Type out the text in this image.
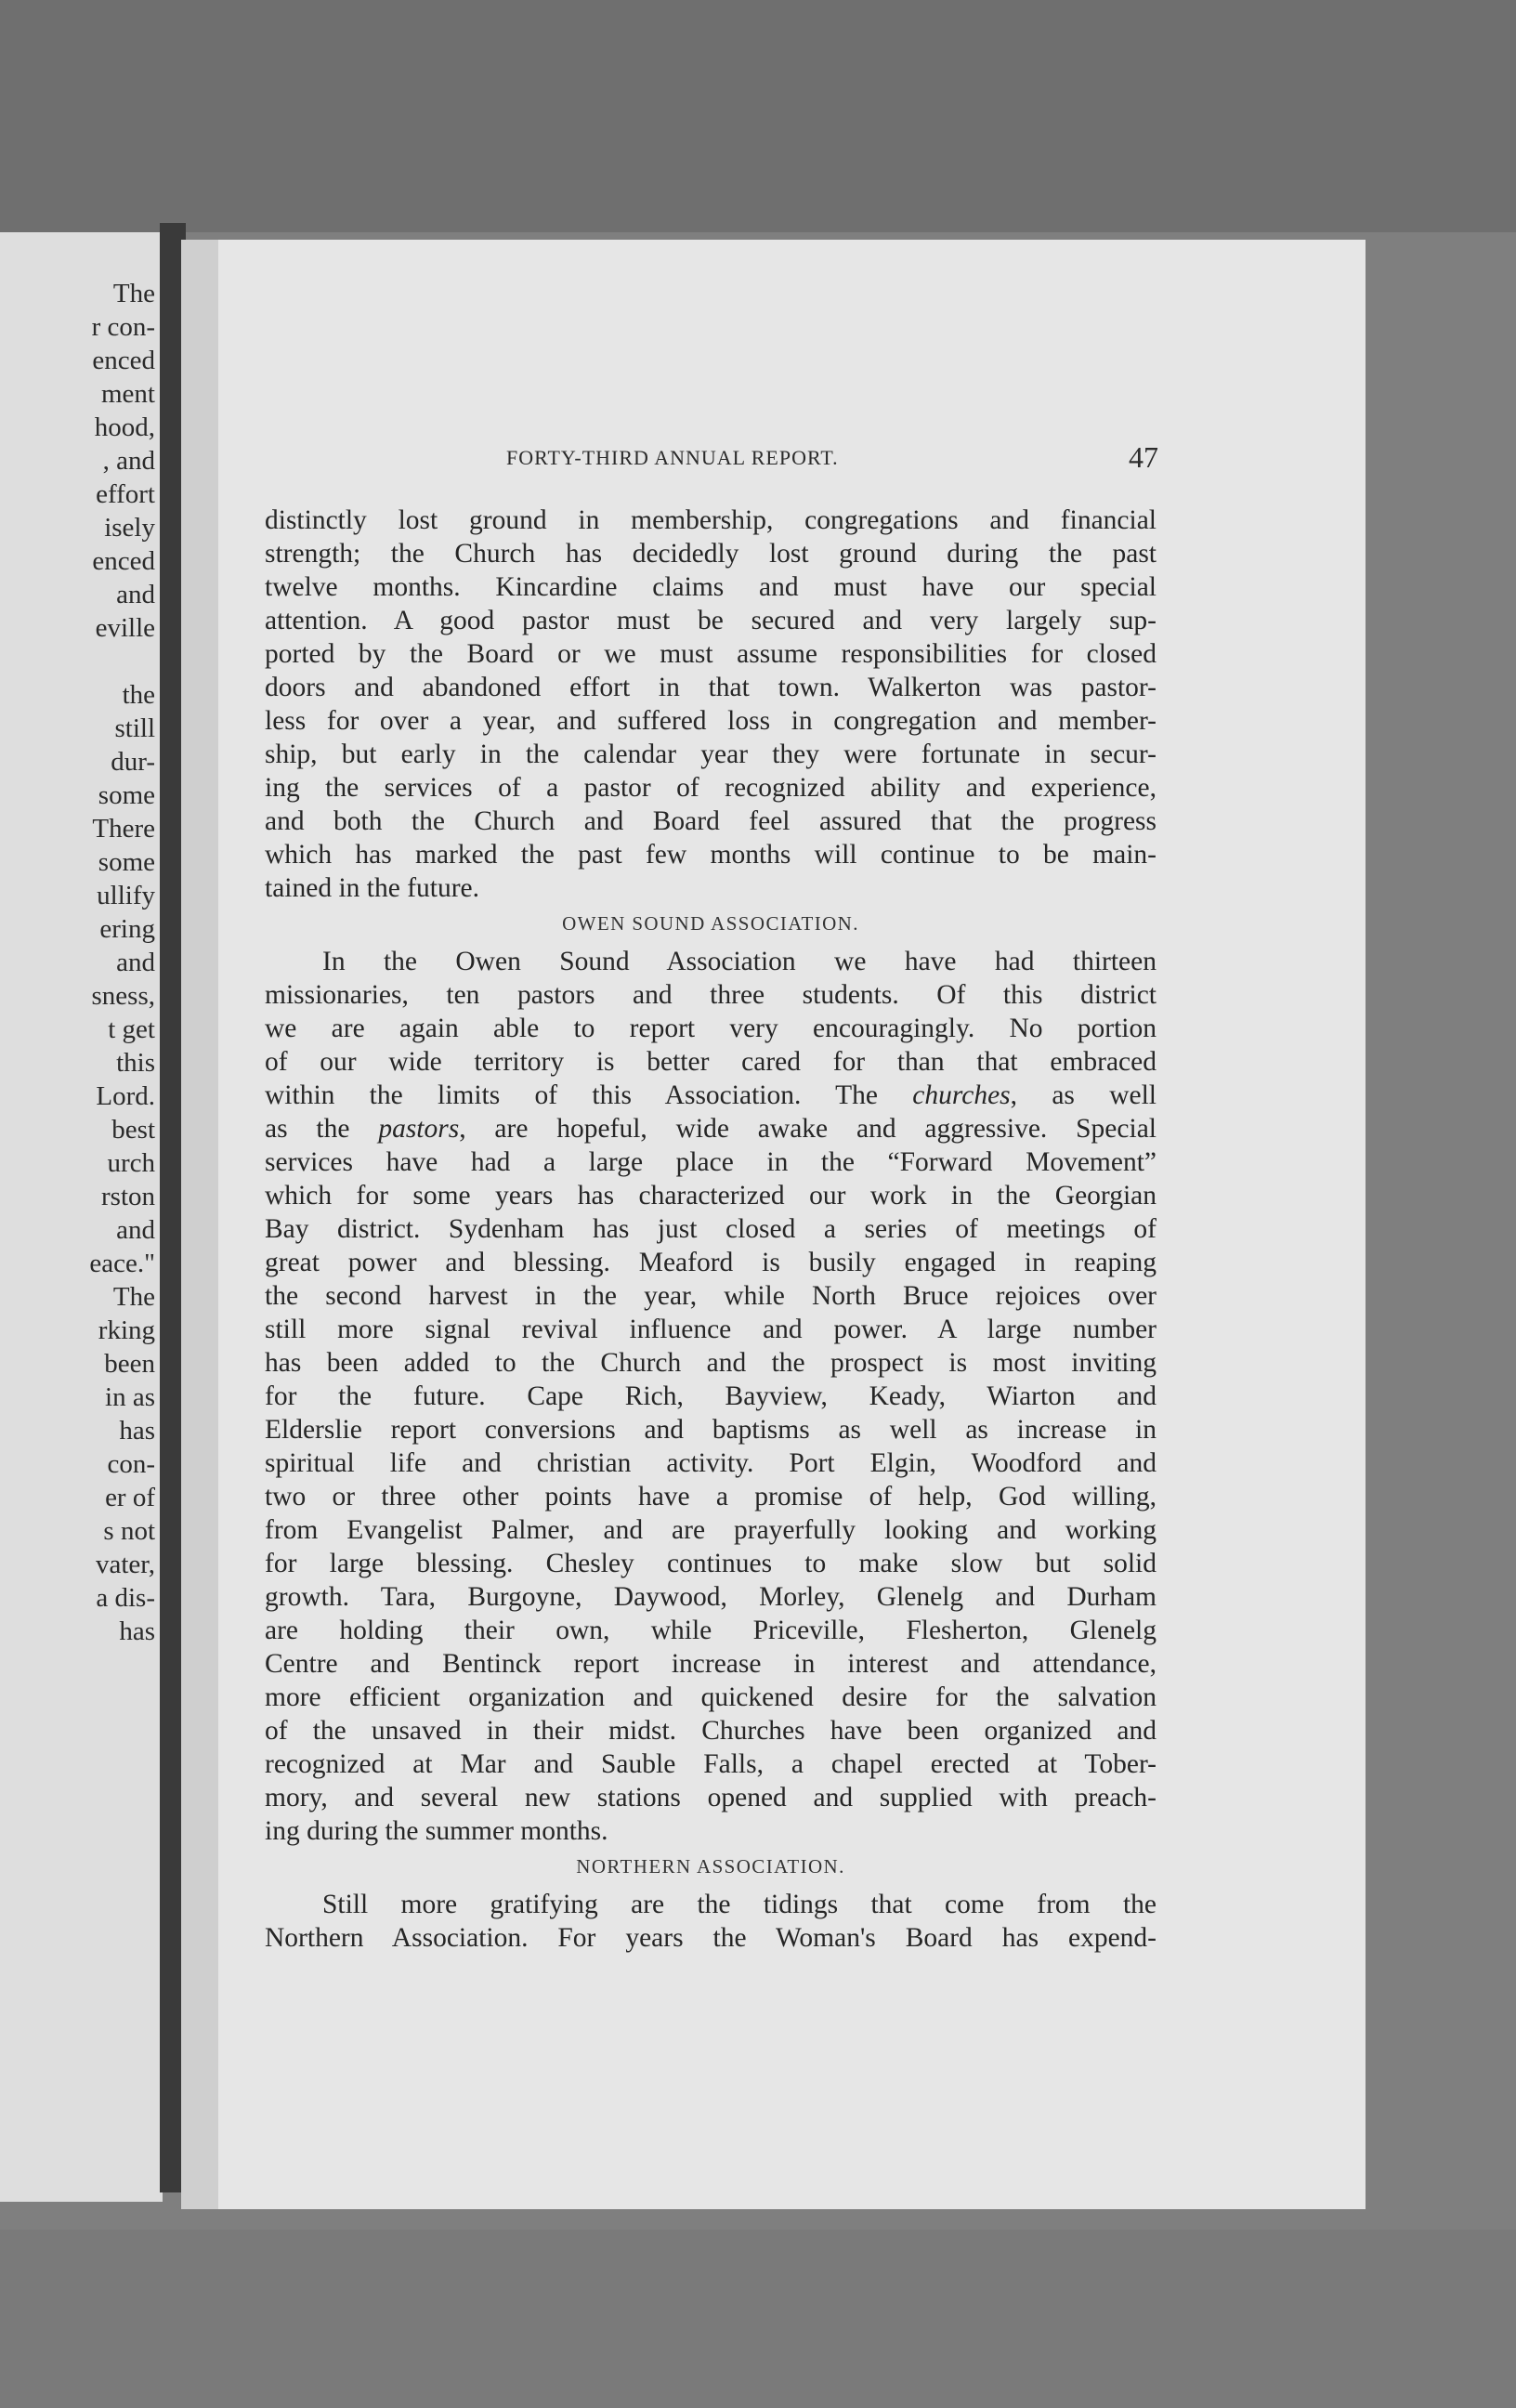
The
r con-
enced
ment
hood,
, and
effort
isely
enced
and
eville
the
still
dur-
some
There
some
ullify
ering
and
sness,
t get
this
Lord.
best
urch
rston
and
eace."
The
rking
been
in as
has
con-
er of
s not
vater,
a dis-
has
FORTY-THIRD ANNUAL REPORT.	47

distinctly lost ground in membership, congregations and financial
strength; the Church has decidedly lost ground during the past
twelve months. Kincardine claims and must have our special
attention. A good pastor must be secured and very largely sup-
ported by the Board or we must assume responsibilities for closed
doors and abandoned effort in that town. Walkerton was pastor-
less for over a year, and suffered loss in congregation and member-
ship, but early in the calendar year they were fortunate in secur-
ing the services of a pastor of recognized ability and experience,
and both the Church and Board feel assured that the progress
which has marked the past few months will continue to be main-
tained in the future.

OWEN SOUND ASSOCIATION.

In the Owen Sound Association we have had thirteen
missionaries, ten pastors and three students. Of this district
we are again able to report very encouragingly. No portion
of our wide territory is better cared for than that embraced
within the limits of this Association. The churches, as well
as the pastors, are hopeful, wide awake and aggressive. Special
services have had a large place in the “Forward Movement”
which for some years has characterized our work in the Georgian
Bay district. Sydenham has just closed a series of meetings of
great power and blessing. Meaford is busily engaged in reaping
the second harvest in the year, while North Bruce rejoices over
still more signal revival influence and power. A large number
has been added to the Church and the prospect is most inviting
for the future. Cape Rich, Bayview, Keady, Wiarton and
Elderslie report conversions and baptisms as well as increase in
spiritual life and christian activity. Port Elgin, Woodford and
two or three other points have a promise of help, God willing,
from Evangelist Palmer, and are prayerfully looking and working
for large blessing. Chesley continues to make slow but solid
growth. Tara, Burgoyne, Daywood, Morley, Glenelg and Durham
are holding their own, while Priceville, Flesherton, Glenelg
Centre and Bentinck report increase in interest and attendance,
more efficient organization and quickened desire for the salvation
of the unsaved in their midst. Churches have been organized and
recognized at Mar and Sauble Falls, a chapel erected at Tober-
mory, and several new stations opened and supplied with preach-
ing during the summer months.

NORTHERN ASSOCIATION.

Still more gratifying are the tidings that come from the
Northern Association. For years the Woman's Board has expend-
